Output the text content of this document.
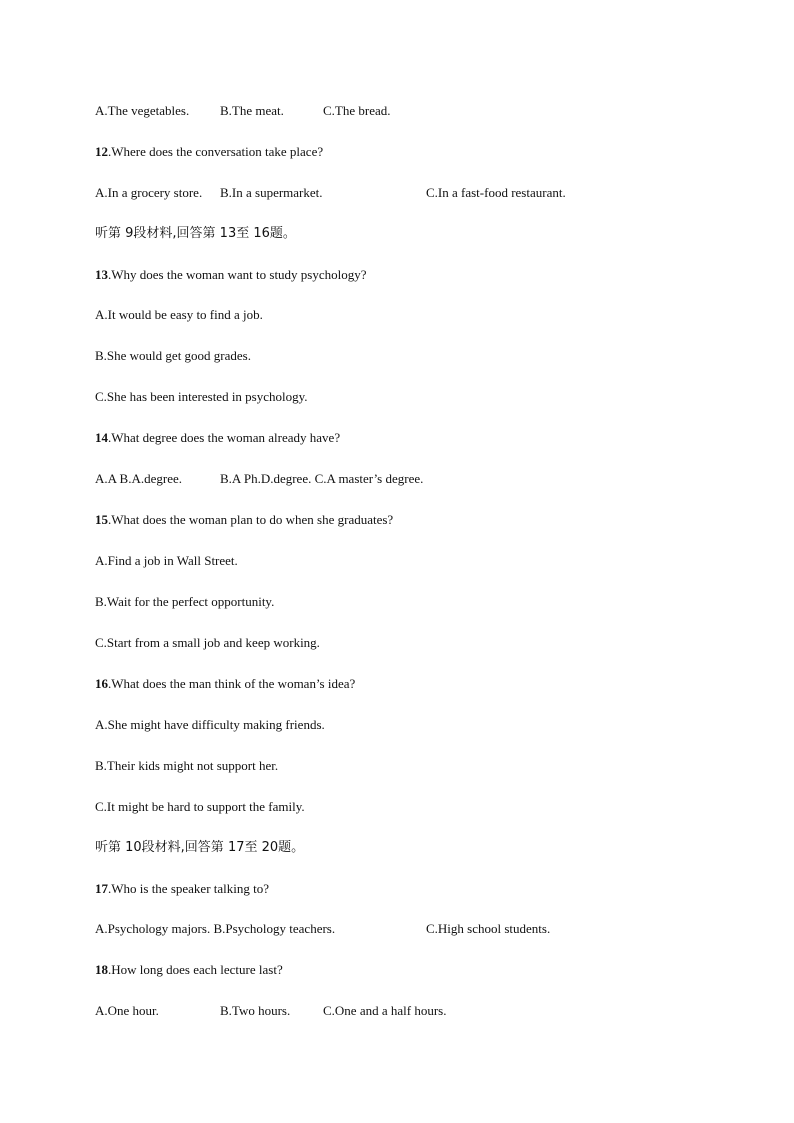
A.The vegetables.

B.The meat.

	C.The bread.

12.Where does the conversation take place?

A.In a grocery store.

B.In a supermarket.

	C.In a fast-food restaurant.

听第 9段材料,回答第 13至 16题。
13.Why does the woman want to study psychology?
A.It would be easy to find a job.
B.She would get good grades.
C.She has been interested in psychology.
14.What degree does the woman already have?

A.A B.A.degree.

	B.A Ph.D.degree. C.A master’s degree.

15.What does the woman plan to do when she graduates?
A.Find a job in Wall Street.
B.Wait for the perfect opportunity.
C.Start from a small job and keep working.
16.What does the man think of the woman’s idea?
A.She might have difficulty making friends.
B.Their kids might not support her.
C.It might be hard to support the family.
听第 10段材料,回答第 17至 20题。
17.Who is the speaker talking to?

A.Psychology majors. B.Psychology teachers.

	C.High school students.

18.How long does each lecture last?

A.One hour.

	B.Two hours.

	C.One and a half hours.
